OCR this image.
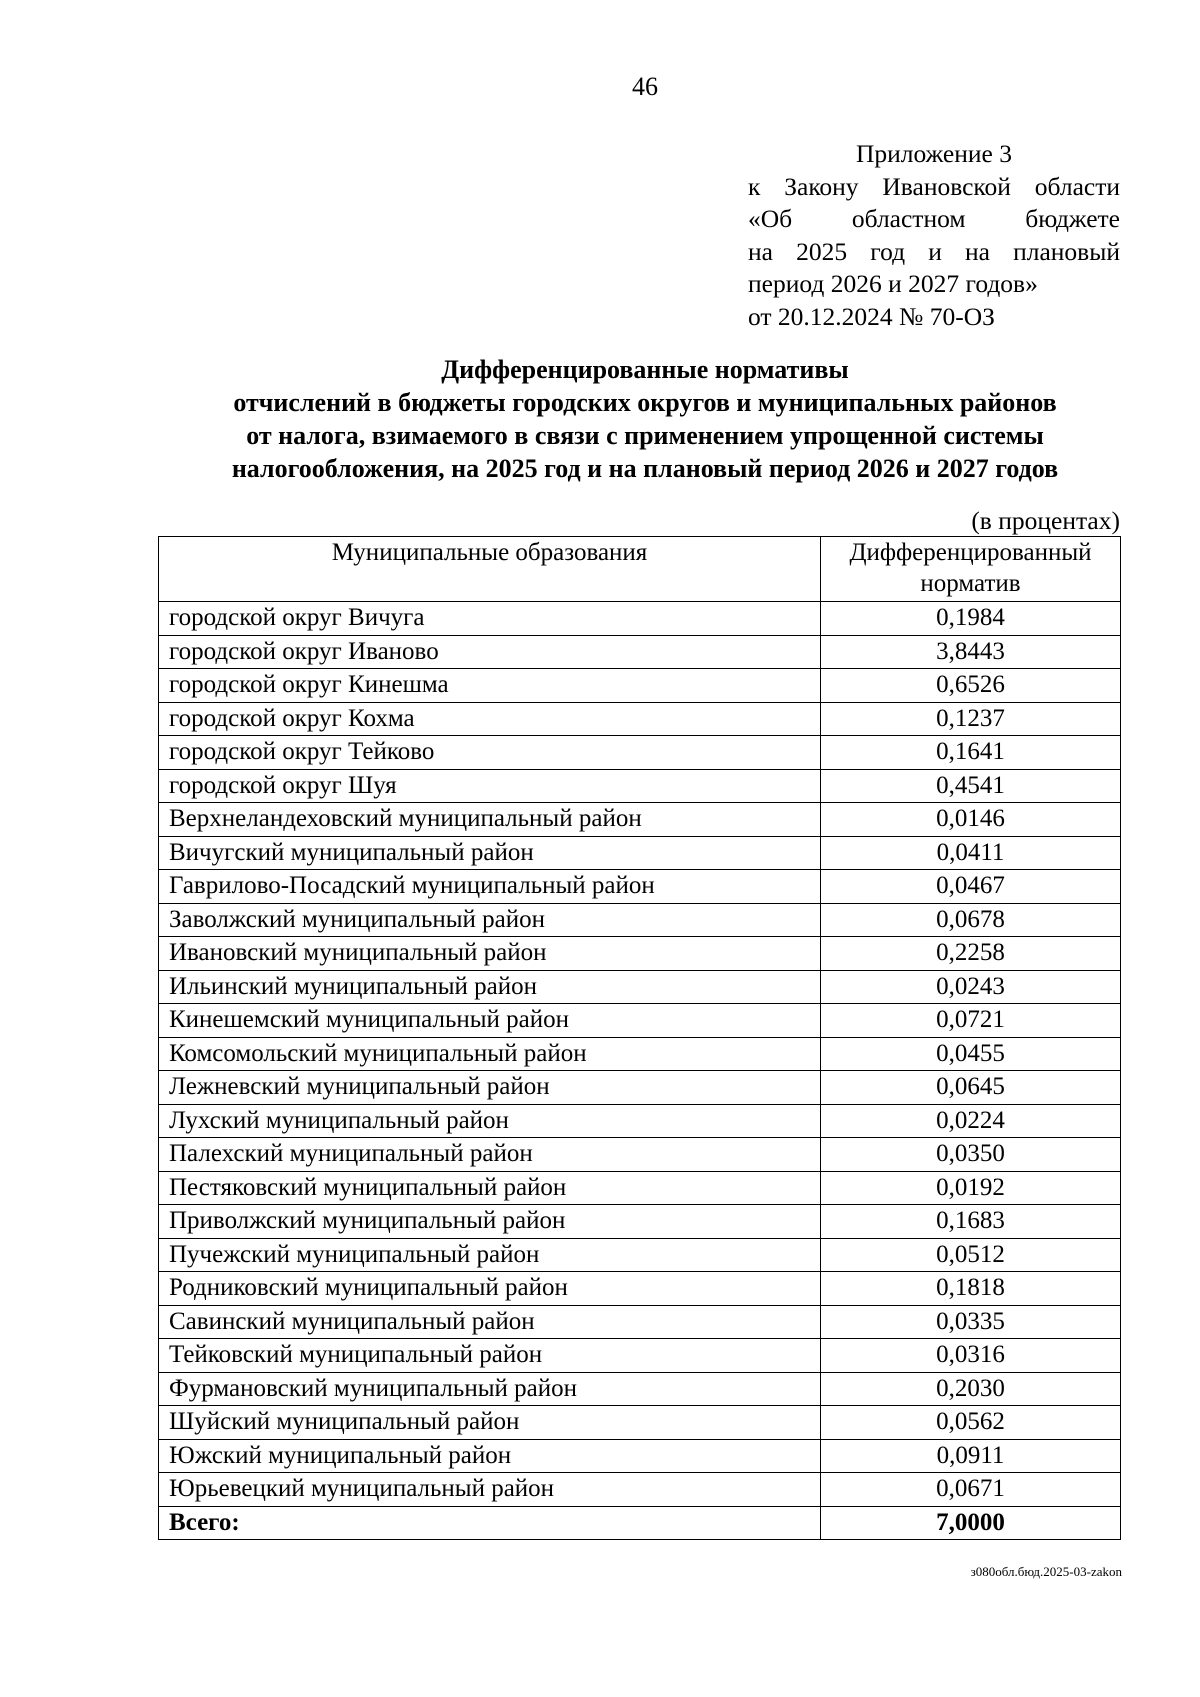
46
Приложение 3
к Закону Ивановской области
«Об областном бюджете
на 2025 год и на плановый
период 2026 и 2027 годов»
от 20.12.2024 № 70-ОЗ
Дифференцированные нормативы
отчислений в бюджеты городских округов и муниципальных районов
от налога, взимаемого в связи с применением упрощенной системы
налогообложения, на 2025 год и на плановый период 2026 и 2027 годов
(в процентах)
Муниципальные образования	Дифференцированный
норматив
городской округ Вичуга	0,1984
городской округ Иваново	3,8443
городской округ Кинешма	0,6526
городской округ Кохма	0,1237
городской округ Тейково	0,1641
городской округ Шуя	0,4541
Верхнеландеховский муниципальный район	0,0146
Вичугский муниципальный район	0,0411
Гаврилово-Посадский муниципальный район	0,0467
Заволжский муниципальный район	0,0678
Ивановский муниципальный район	0,2258
Ильинский муниципальный район	0,0243
Кинешемский муниципальный район	0,0721
Комсомольский муниципальный район	0,0455
Лежневский муниципальный район	0,0645
Лухский муниципальный район	0,0224
Палехский муниципальный район	0,0350
Пестяковский муниципальный район	0,0192
Приволжский муниципальный район	0,1683
Пучежский муниципальный район	0,0512
Родниковский муниципальный район	0,1818
Савинский муниципальный район	0,0335
Тейковский муниципальный район	0,0316
Фурмановский муниципальный район	0,2030
Шуйский муниципальный район	0,0562
Южский муниципальный район	0,0911
Юрьевецкий муниципальный район	0,0671
Всего:	7,0000
з080обл.бюд.2025-03-zakon
